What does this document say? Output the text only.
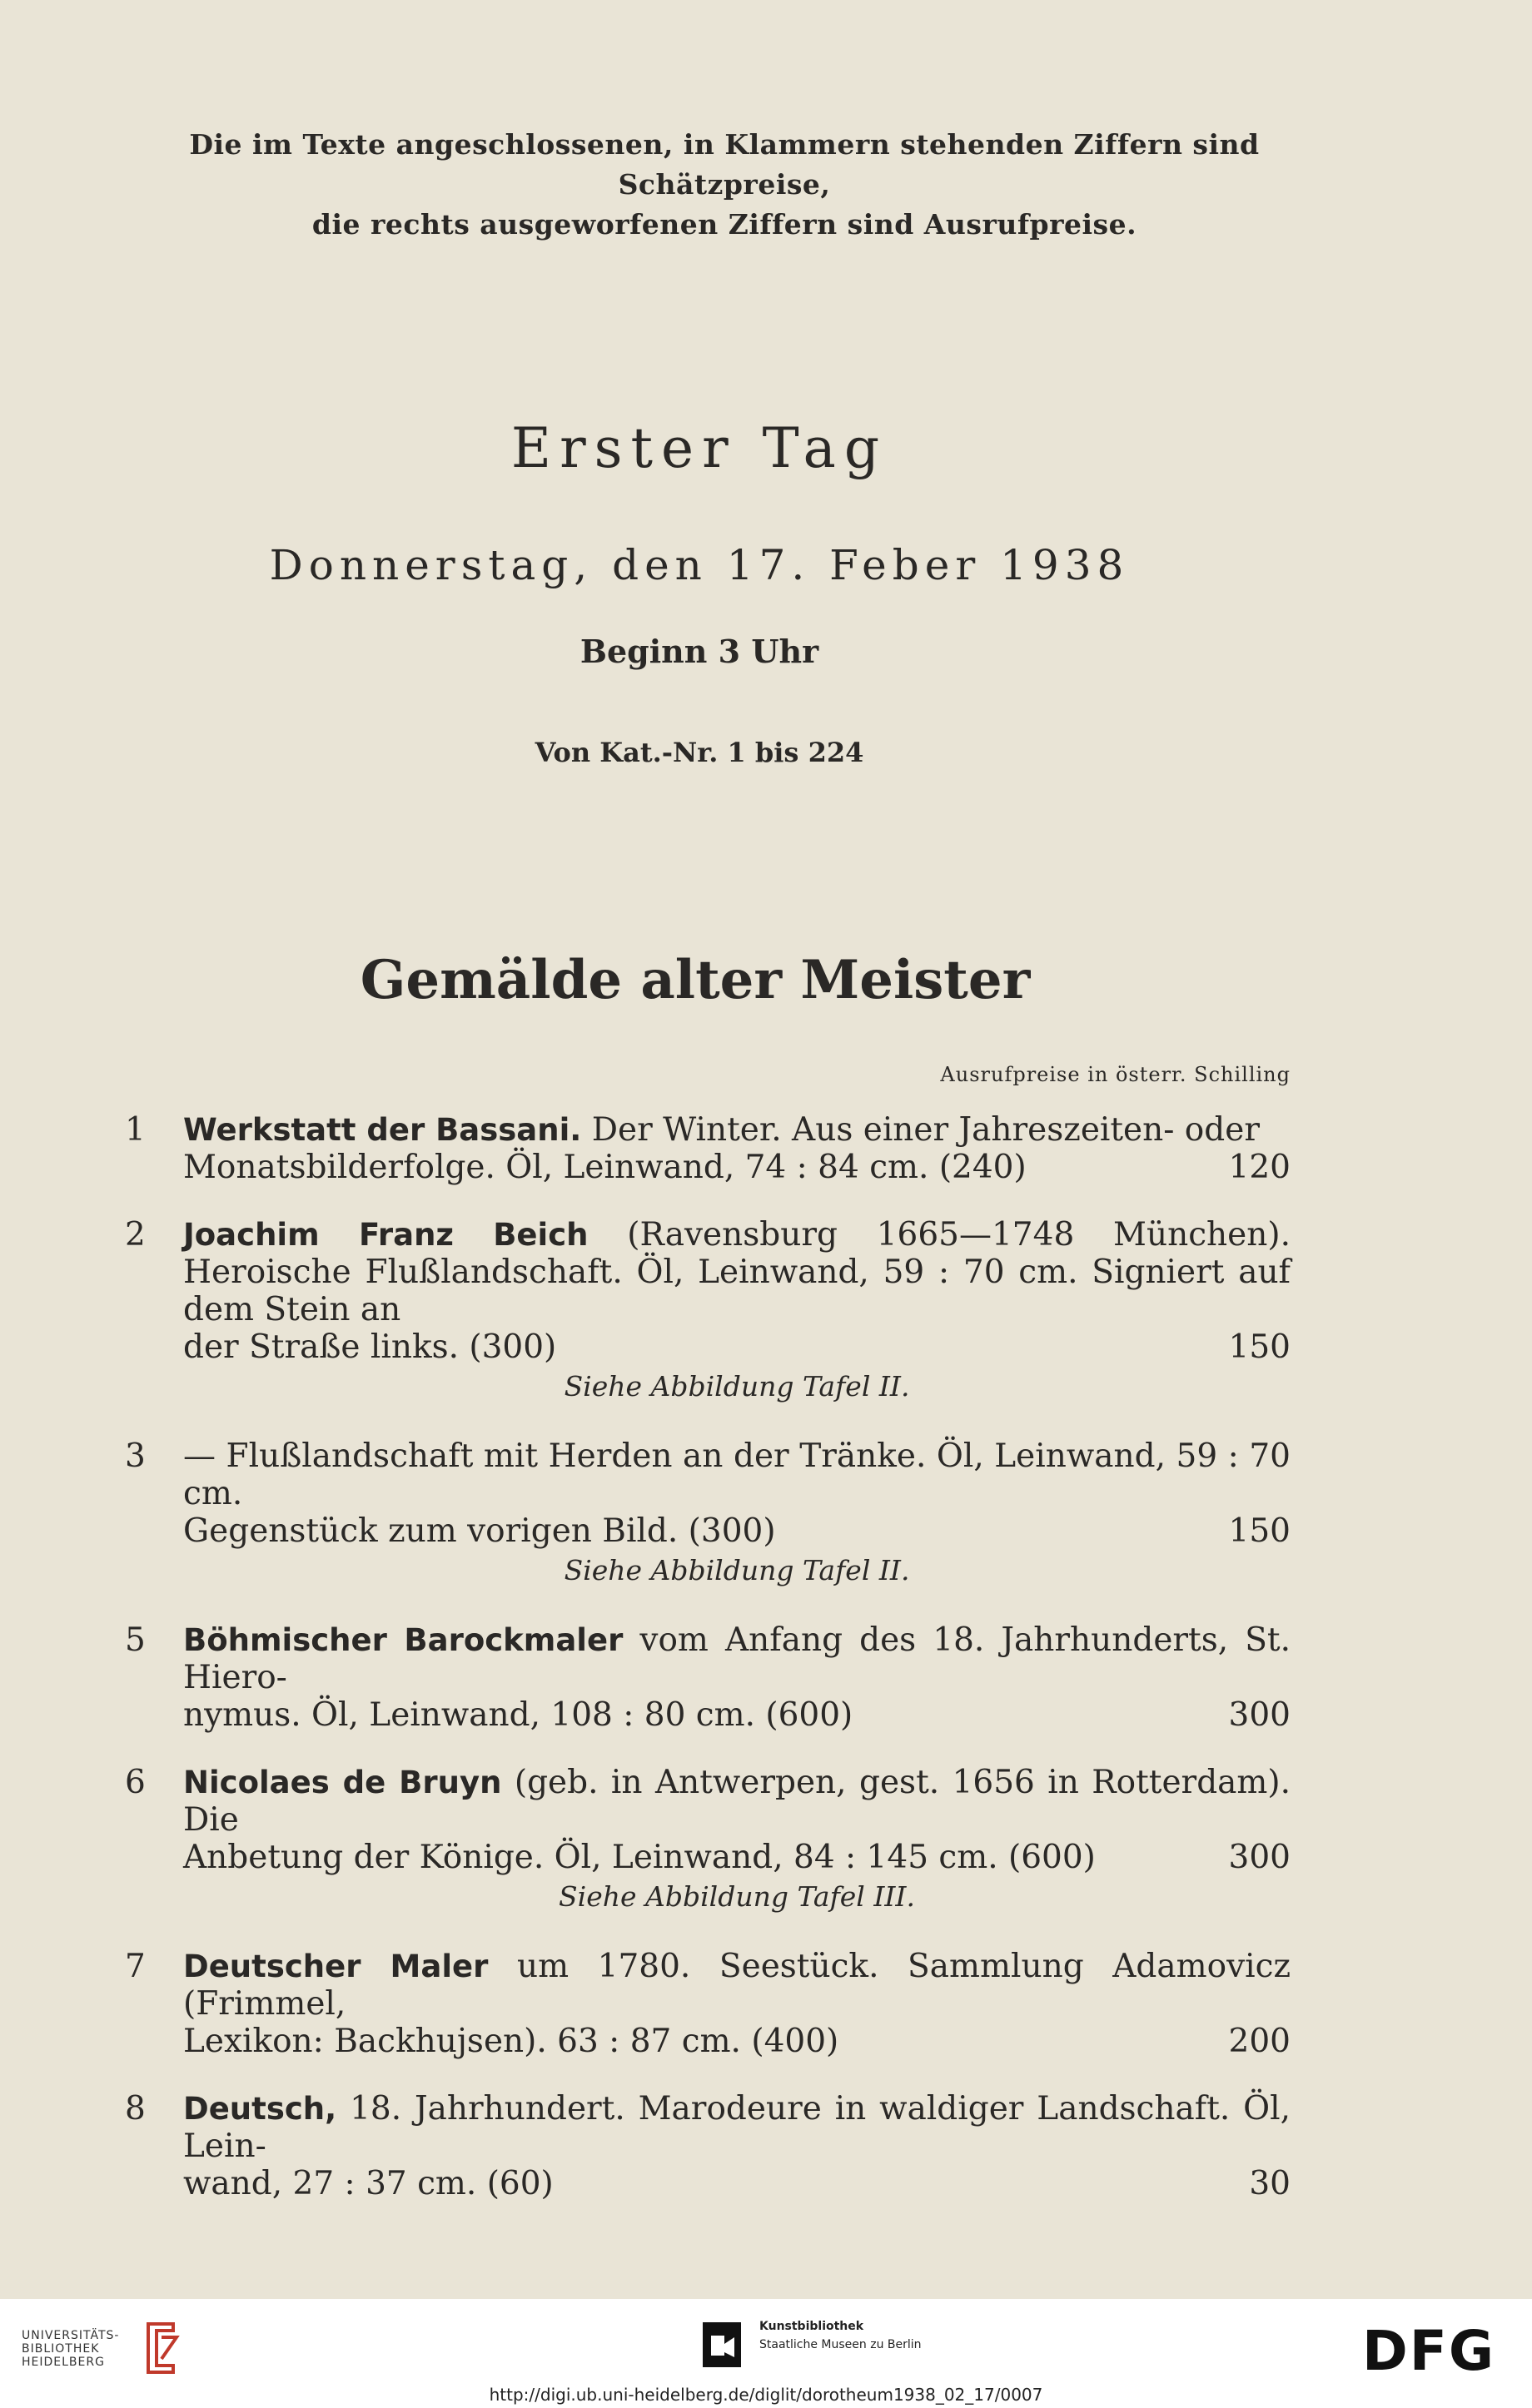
Die im Texte angeschlossenen, in Klammern stehenden Ziffern sind Schätzpreise,
die rechts ausgeworfenen Ziffern sind Ausrufpreise.
Erster Tag
Donnerstag, den 17. Feber 1938
Beginn 3 Uhr
Von Kat.-Nr. 1 bis 224
Gemälde alter Meister
Ausrufpreise in österr. Schilling
1	Werkstatt der Bassani. Der Winter. Aus einer Jahreszeiten- oder
Monatsbilderfolge. Öl, Leinwand, 74 : 84 cm. (240)	120
2	Joachim Franz Beich (Ravensburg 1665—1748 München). Heroische Flußlandschaft. Öl, Leinwand, 59 : 70 cm. Signiert auf dem Stein an
der Straße links. (300)	150
Siehe Abbildung Tafel II.
3	— Flußlandschaft mit Herden an der Tränke. Öl, Leinwand, 59 : 70 cm.
Gegenstück zum vorigen Bild. (300)	150
Siehe Abbildung Tafel II.
5	Böhmischer Barockmaler vom Anfang des 18. Jahrhunderts, St. Hiero-
nymus. Öl, Leinwand, 108 : 80 cm. (600)	300
6	Nicolaes de Bruyn (geb. in Antwerpen, gest. 1656 in Rotterdam). Die
Anbetung der Könige. Öl, Leinwand, 84 : 145 cm. (600)	300
Siehe Abbildung Tafel III.
7	Deutscher Maler um 1780. Seestück. Sammlung Adamovicz (Frimmel,
Lexikon: Backhujsen). 63 : 87 cm. (400)	200
8	Deutsch, 18. Jahrhundert. Marodeure in waldiger Landschaft. Öl, Lein-
wand, 27 : 37 cm. (60)	30
UNIVERSITÄTS-
BIBLIOTHEK
HEIDELBERG
Kunstbibliothek
Staatliche Museen zu Berlin	DFG
http://digi.ub.uni-heidelberg.de/diglit/dorotheum1938_02_17/0007
